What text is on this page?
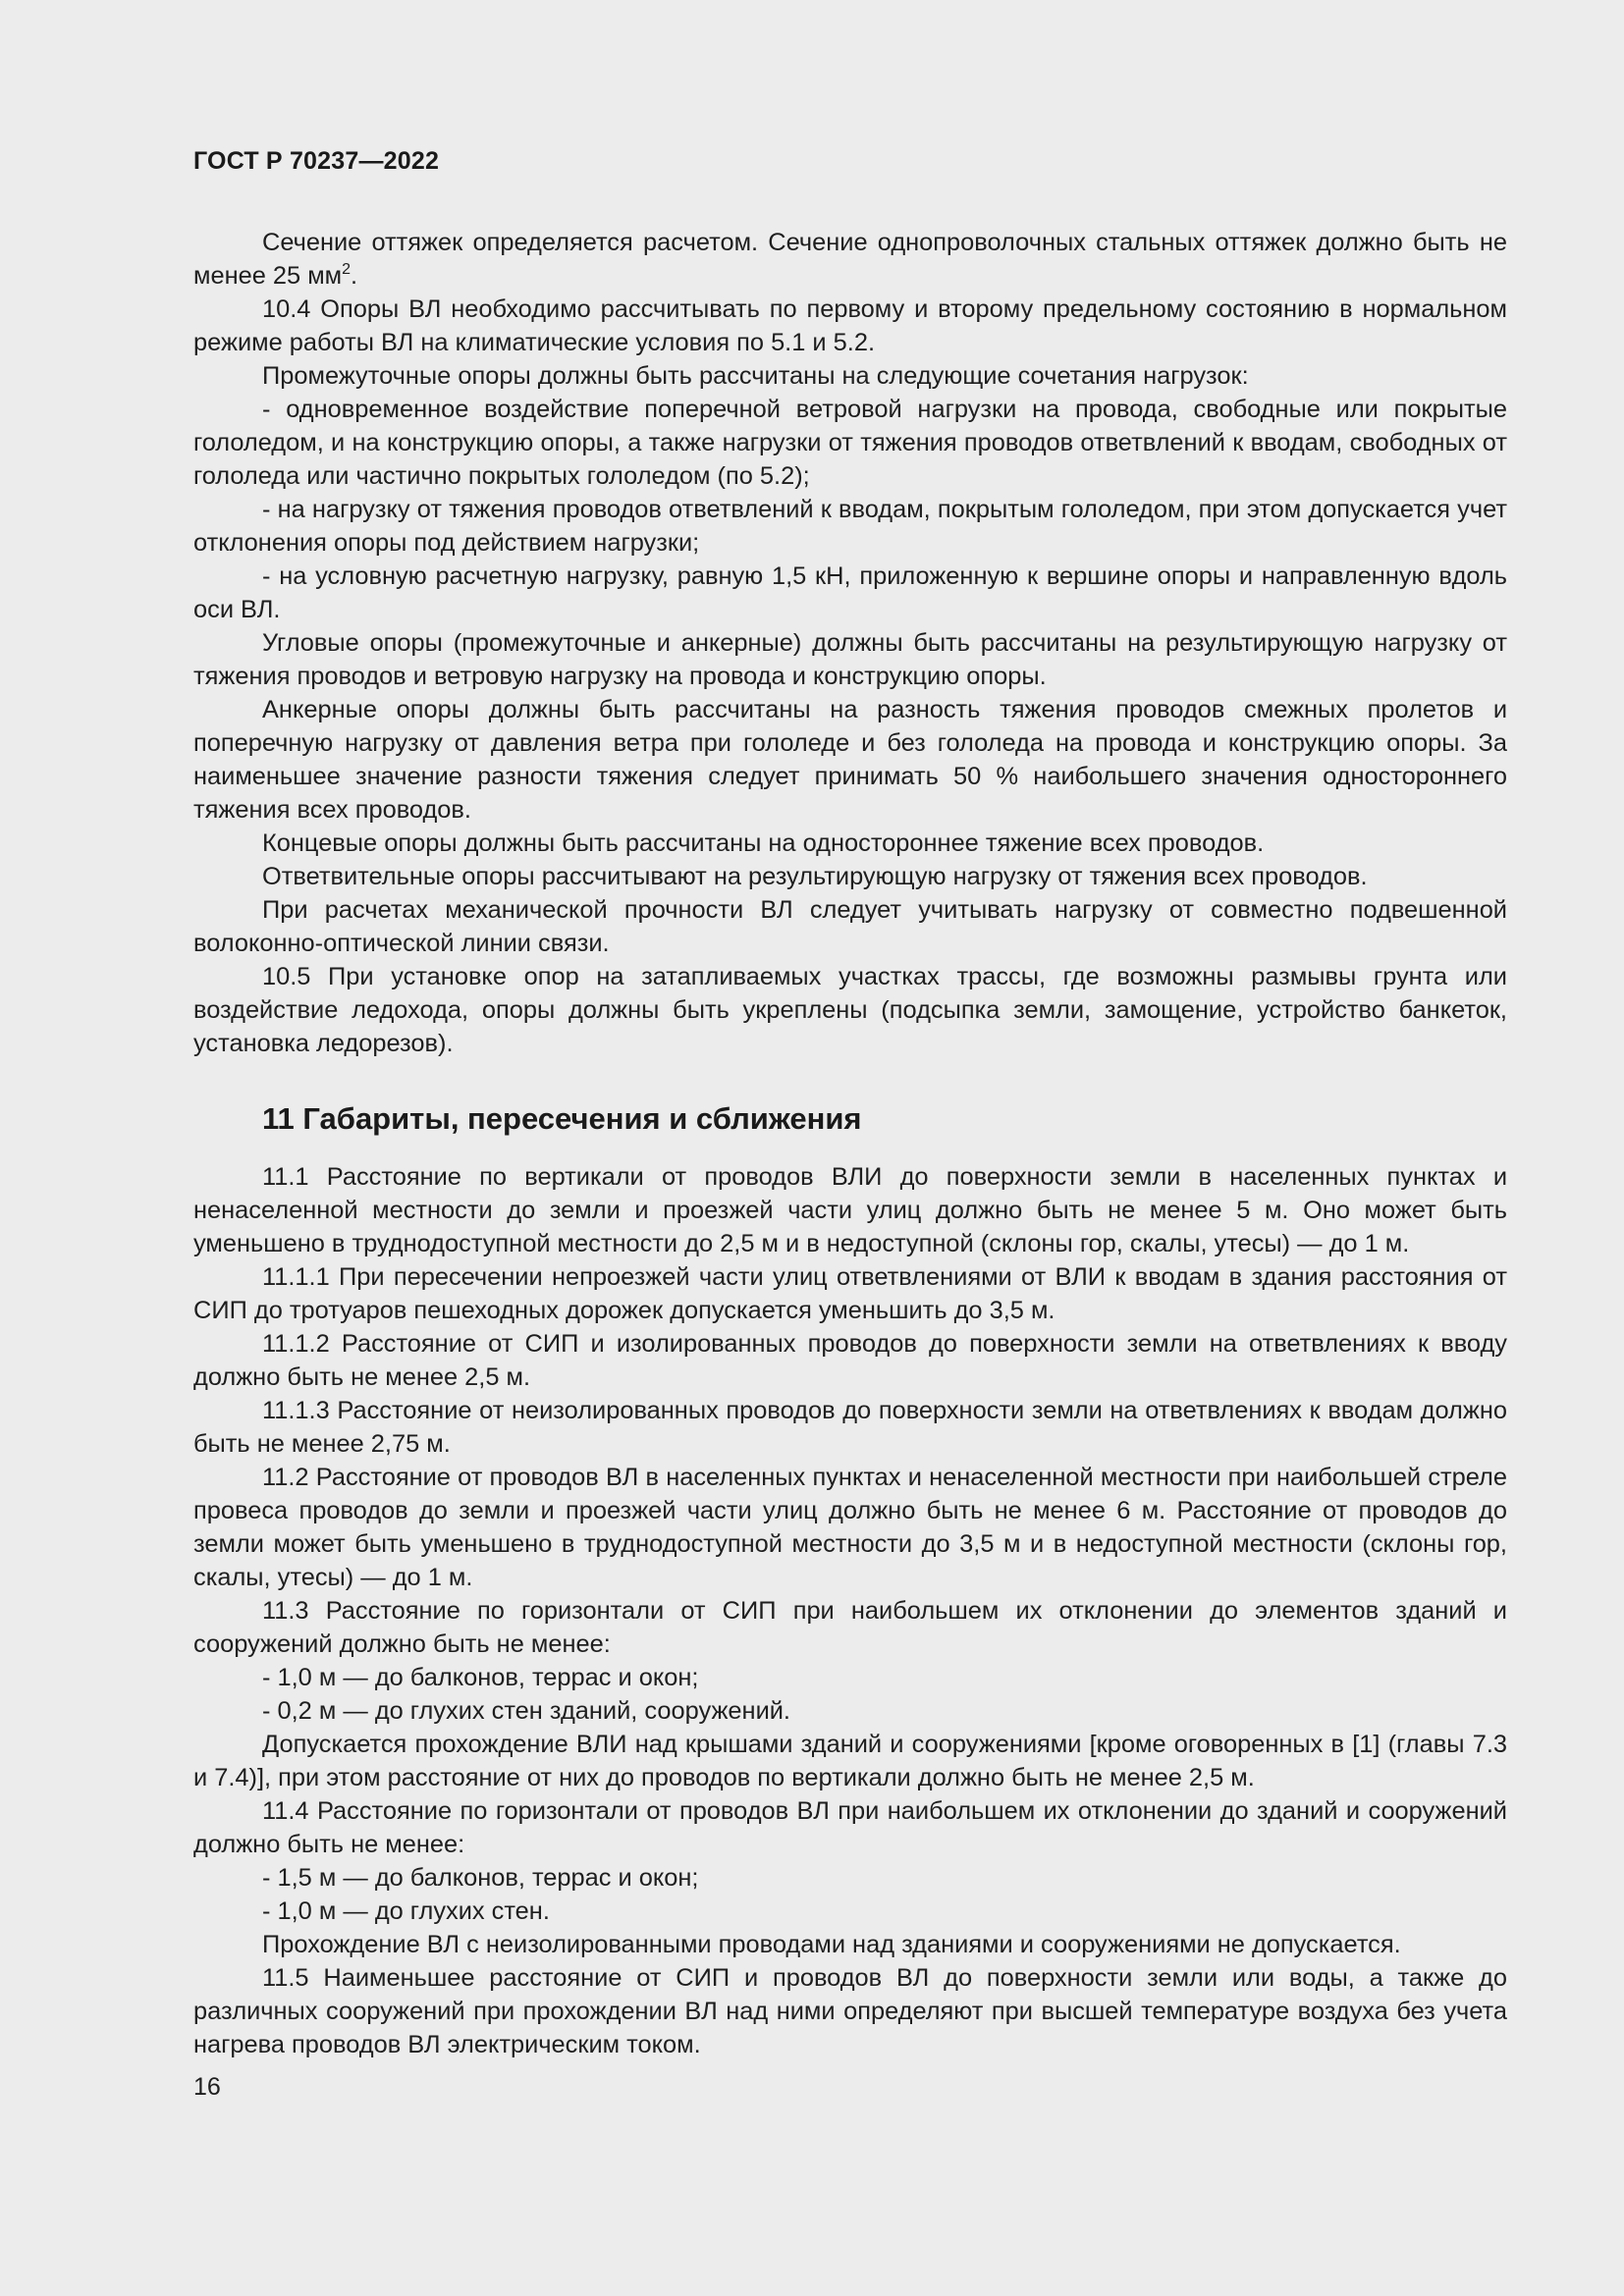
ГОСТ Р 70237—2022

Сечение оттяжек определяется расчетом. Сечение однопроволочных стальных оттяжек должно быть не менее 25 $мм^2$.

10.4 Опоры ВЛ необходимо рассчитывать по первому и второму предельному состоянию в нормальном режиме работы ВЛ на климатические условия по 5.1 и 5.2.

Промежуточные опоры должны быть рассчитаны на следующие сочетания нагрузок:

- одновременное воздействие поперечной ветровой нагрузки на провода, свободные или покрытые гололедом, и на конструкцию опоры, а также нагрузки от тяжения проводов ответвлений к вводам, свободных от гололеда или частично покрытых гололедом (по 5.2);

- на нагрузку от тяжения проводов ответвлений к вводам, покрытым гололедом, при этом допускается учет отклонения опоры под действием нагрузки;

- на условную расчетную нагрузку, равную 1,5 кН, приложенную к вершине опоры и направленную вдоль оси ВЛ.

Угловые опоры (промежуточные и анкерные) должны быть рассчитаны на результирующую нагрузку от тяжения проводов и ветровую нагрузку на провода и конструкцию опоры.

Анкерные опоры должны быть рассчитаны на разность тяжения проводов смежных пролетов и поперечную нагрузку от давления ветра при гололеде и без гололеда на провода и конструкцию опоры. За наименьшее значение разности тяжения следует принимать 50 % наибольшего значения одностороннего тяжения всех проводов.

Концевые опоры должны быть рассчитаны на одностороннее тяжение всех проводов.

Ответвительные опоры рассчитывают на результирующую нагрузку от тяжения всех проводов.

При расчетах механической прочности ВЛ следует учитывать нагрузку от совместно подвешенной волоконно-оптической линии связи.

10.5 При установке опор на затапливаемых участках трассы, где возможны размывы грунта или воздействие ледохода, опоры должны быть укреплены (подсыпка земли, замощение, устройство банкеток, установка ледорезов).

11 Габариты, пересечения и сближения

11.1 Расстояние по вертикали от проводов ВЛИ до поверхности земли в населенных пунктах и ненаселенной местности до земли и проезжей части улиц должно быть не менее 5 м. Оно может быть уменьшено в труднодоступной местности до 2,5 м и в недоступной (склоны гор, скалы, утесы) — до 1 м.

11.1.1 При пересечении непроезжей части улиц ответвлениями от ВЛИ к вводам в здания расстояния от СИП до тротуаров пешеходных дорожек допускается уменьшить до 3,5 м.

11.1.2 Расстояние от СИП и изолированных проводов до поверхности земли на ответвлениях к вводу должно быть не менее 2,5 м.

11.1.3 Расстояние от неизолированных проводов до поверхности земли на ответвлениях к вводам должно быть не менее 2,75 м.

11.2 Расстояние от проводов ВЛ в населенных пунктах и ненаселенной местности при наибольшей стреле провеса проводов до земли и проезжей части улиц должно быть не менее 6 м. Расстояние от проводов до земли может быть уменьшено в труднодоступной местности до 3,5 м и в недоступной местности (склоны гор, скалы, утесы) — до 1 м.

11.3 Расстояние по горизонтали от СИП при наибольшем их отклонении до элементов зданий и сооружений должно быть не менее:

- 1,0 м — до балконов, террас и окон;

- 0,2 м — до глухих стен зданий, сооружений.

Допускается прохождение ВЛИ над крышами зданий и сооружениями [кроме оговоренных в [1] (главы 7.3 и 7.4)], при этом расстояние от них до проводов по вертикали должно быть не менее 2,5 м.

11.4 Расстояние по горизонтали от проводов ВЛ при наибольшем их отклонении до зданий и сооружений должно быть не менее:

- 1,5 м — до балконов, террас и окон;

- 1,0 м — до глухих стен.

Прохождение ВЛ с неизолированными проводами над зданиями и сооружениями не допускается.

11.5 Наименьшее расстояние от СИП и проводов ВЛ до поверхности земли или воды, а также до различных сооружений при прохождении ВЛ над ними определяют при высшей температуре воздуха без учета нагрева проводов ВЛ электрическим током.

16
